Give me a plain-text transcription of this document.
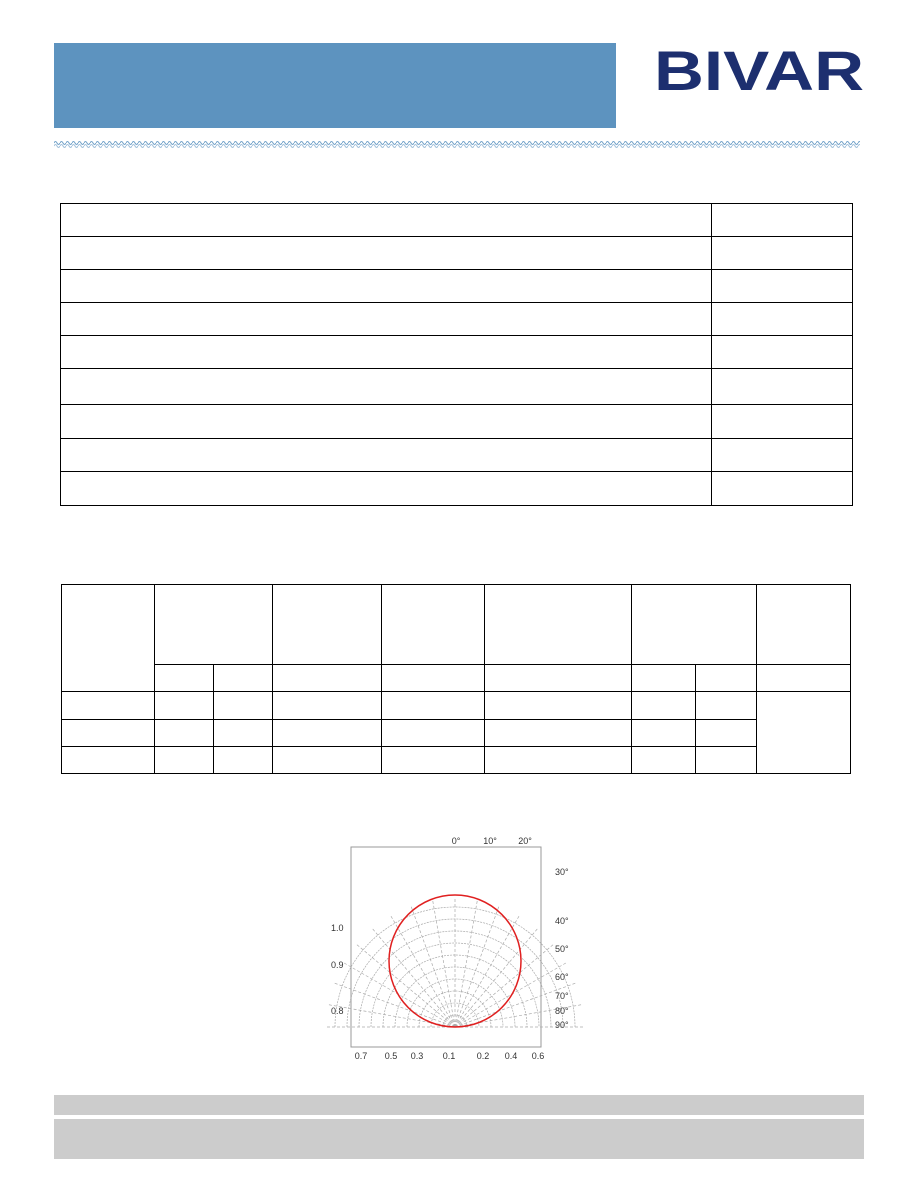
BIVAR

0°	10° 20°
30°
40°
50°
60°
70°
80°
90°
1.0
0.9
0.8
0.7 0.5 0.3 0.1 0.2 0.4 0.6
